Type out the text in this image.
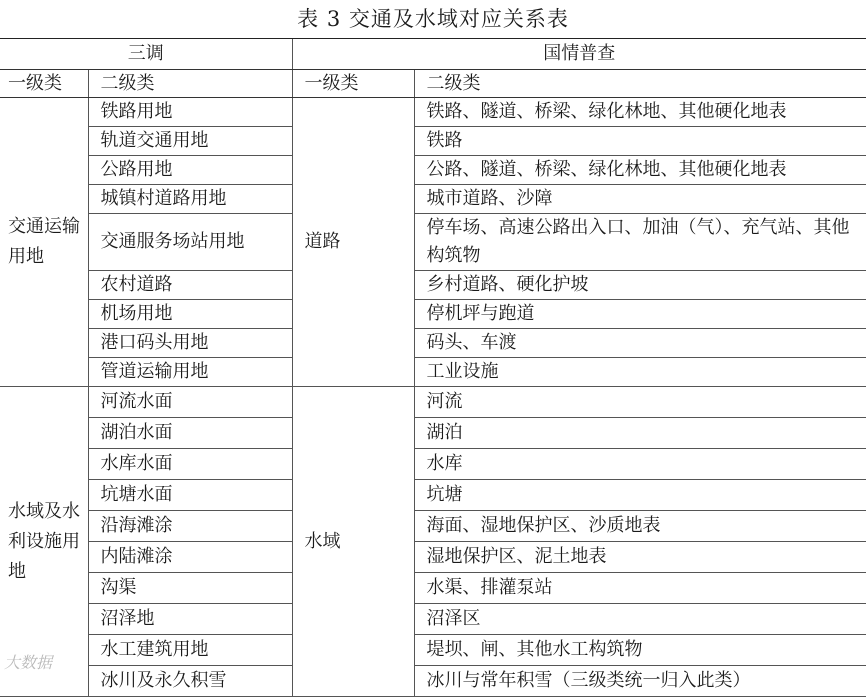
表 3 交通及水域对应关系表
三调		国情普查	
一级类	二级类	一级类	二级类
交通运输用地	铁路用地	道路	铁路、隧道、桥梁、绿化林地、其他硬化地表
	轨道交通用地		铁路
	公路用地		公路、隧道、桥梁、绿化林地、其他硬化地表
	城镇村道路用地		城市道路、沙障
	交通服务场站用地		停车场、高速公路出入口、加油（气）、充气站、其他构筑物
	农村道路		乡村道路、硬化护坡
	机场用地		停机坪与跑道
	港口码头用地		码头、车渡
	管道运输用地		工业设施
水域及水利设施用地	河流水面	水域	河流
	湖泊水面		湖泊
	水库水面		水库
	坑塘水面		坑塘
	沿海滩涂		海面、湿地保护区、沙质地表
	内陆滩涂		湿地保护区、泥土地表
	沟渠		水渠、排灌泵站
	沼泽地		沼泽区
	水工建筑用地		堤坝、闸、其他水工构筑物
	冰川及永久积雪		冰川与常年积雪（三级类统一归入此类）
大数据
